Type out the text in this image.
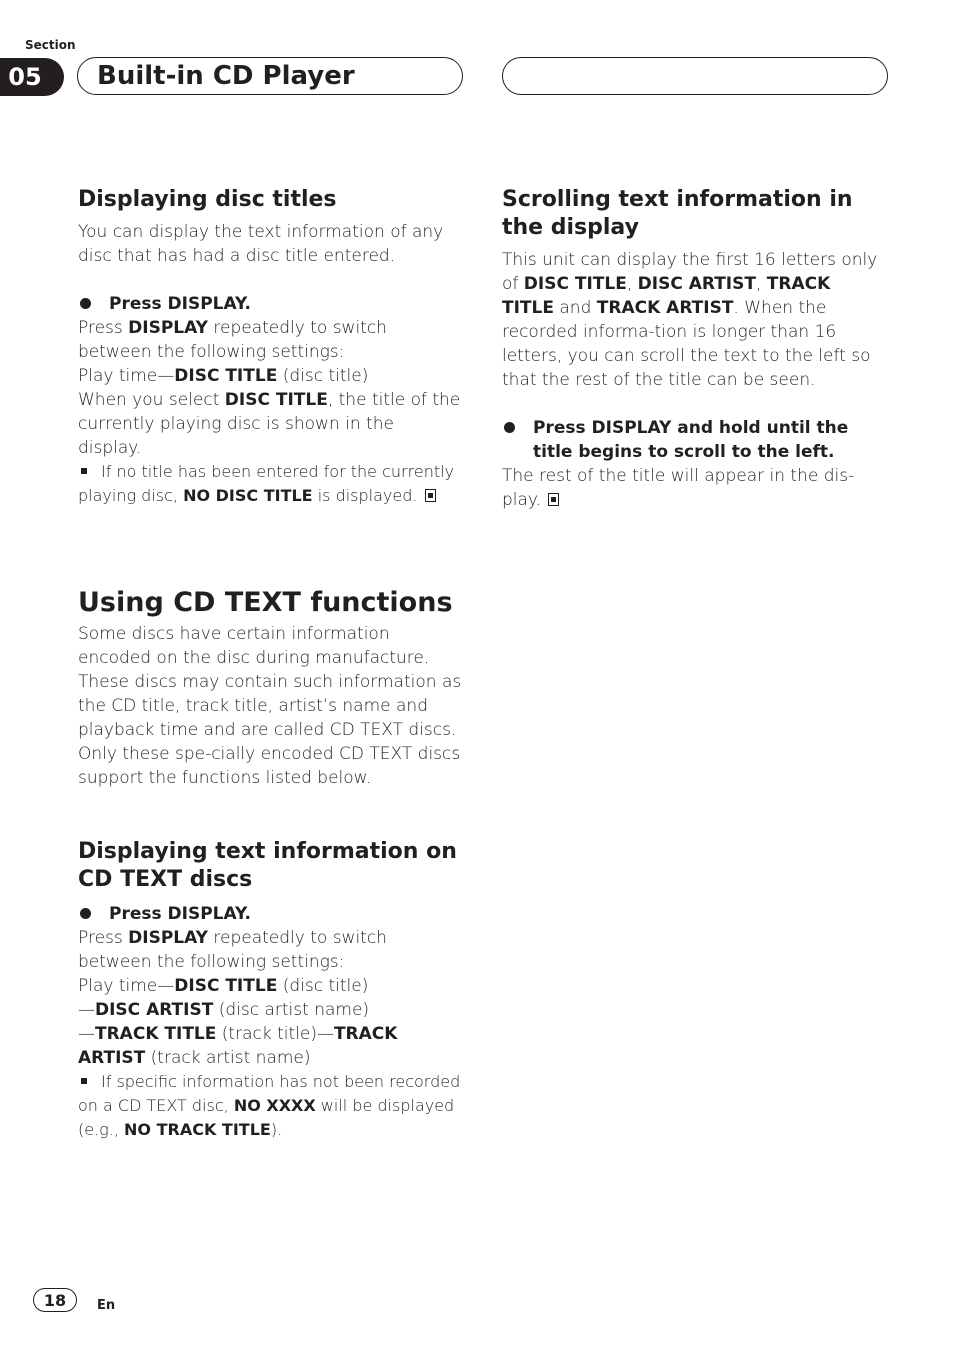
Section
05	Built-in CD Player
Displaying disc titles

You can display the text information of any disc that has had a disc title entered.

Press DISPLAY.

Press DISPLAY repeatedly to switch between the following settings:

Play time—DISC TITLE (disc title)

When you select DISC TITLE, the title of the currently playing disc is shown in the display.

If no title has been entered for the currently playing disc, NO DISC TITLE is displayed.

Using CD TEXT functions

Some discs have certain information encoded on the disc during manufacture. These discs may contain such information as the CD title, track title, artist’s name and playback time and are called CD TEXT discs. Only these spe-cially encoded CD TEXT discs support the functions listed below.

Displaying text information on CD TEXT discs
Press DISPLAY.

Press DISPLAY repeatedly to switch between the following settings:

Play time—DISC TITLE (disc title)
—DISC ARTIST (disc artist name)
—TRACK TITLE (track title)—TRACK ARTIST (track artist name)

If specific information has not been recorded on a CD TEXT disc, NO XXXX will be displayed (e.g., NO TRACK TITLE).

Scrolling text information in the display

This unit can display the first 16 letters only of DISC TITLE, DISC ARTIST, TRACK TITLE and TRACK ARTIST. When the recorded informa-tion is longer than 16 letters, you can scroll the text to the left so that the rest of the title can be seen.

Press DISPLAY and hold until the title begins to scroll to the left.

The rest of the title will appear in the dis-play.

18	En
